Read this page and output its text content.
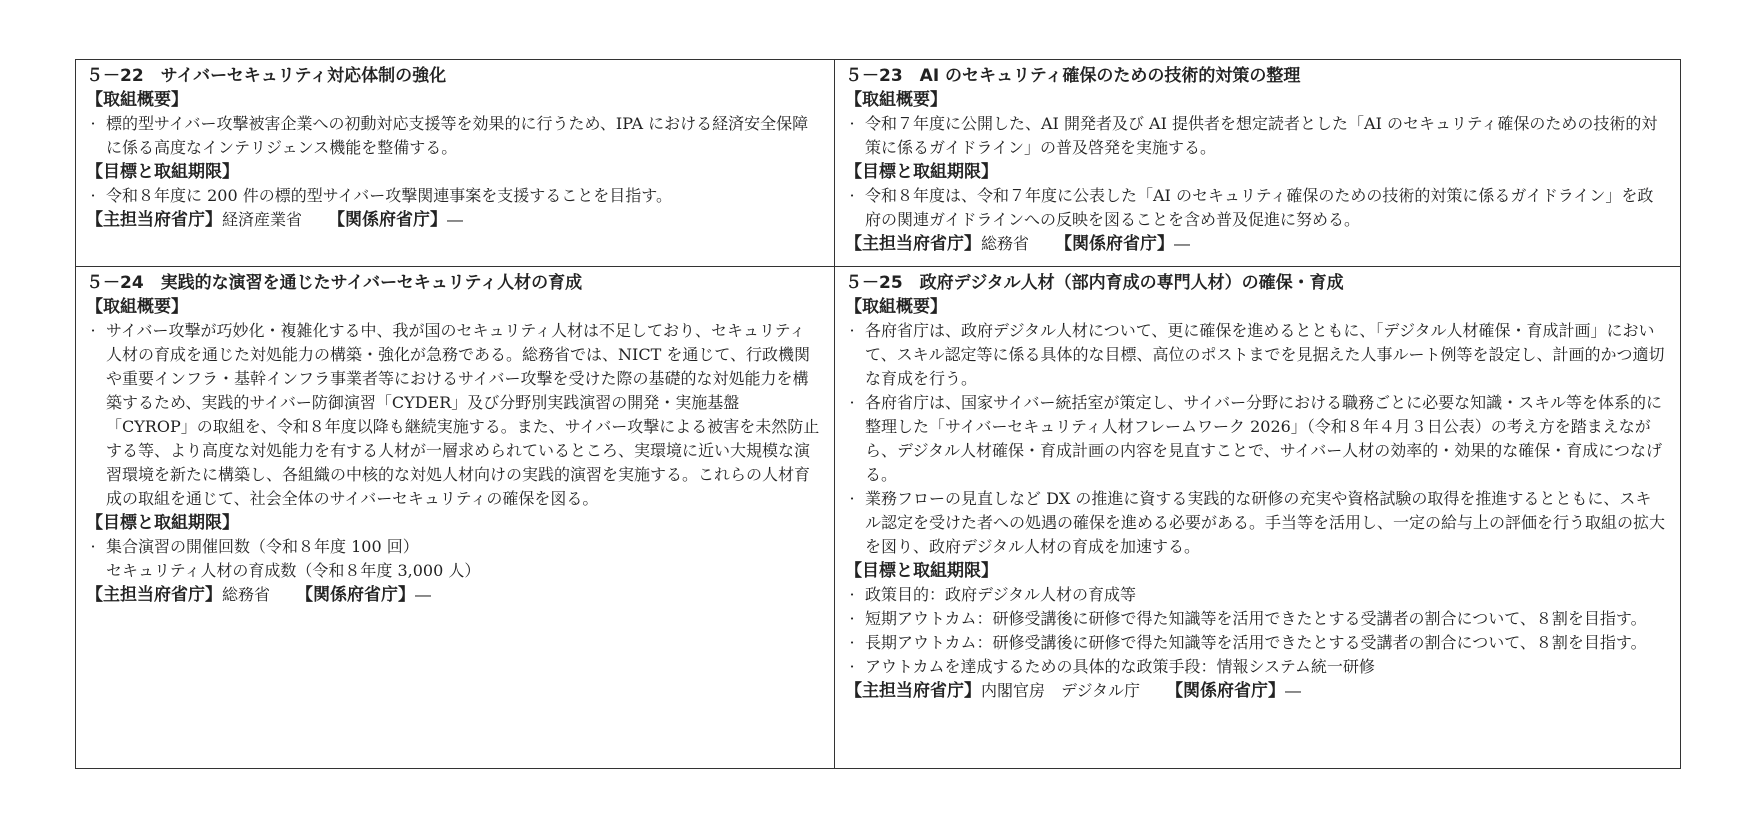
５－22　サイバーセキュリティ対応体制の強化
【取組概要】
· 標的型サイバー攻撃被害企業への初動対応支援等を効果的に行うため、IPA における経済安全保障に係る高度なインテリジェンス機能を整備する。
【目標と取組期限】
· 令和８年度に 200 件の標的型サイバー攻撃関連事案を支援することを目指す。
【主担当府省庁】経済産業省 【関係府省庁】―
５－23　AI のセキュリティ確保のための技術的対策の整理
【取組概要】
· 令和７年度に公開した、AI 開発者及び AI 提供者を想定読者とした「AI のセキュリティ確保のための技術的対策に係るガイドライン」の普及啓発を実施する。
【目標と取組期限】
· 令和８年度は、令和７年度に公表した「AI のセキュリティ確保のための技術的対策に係るガイドライン」を政府の関連ガイドラインへの反映を図ることを含め普及促進に努める。
【主担当府省庁】総務省 【関係府省庁】―
５－24　実践的な演習を通じたサイバーセキュリティ人材の育成
【取組概要】
· サイバー攻撃が巧妙化・複雑化する中、我が国のセキュリティ人材は不足しており、セキュリティ人材の育成を通じた対処能力の構築・強化が急務である。総務省では、NICT を通じて、行政機関や重要インフラ・基幹インフラ事業者等におけるサイバー攻撃を受けた際の基礎的な対処能力を構築するため、実践的サイバー防御演習「CYDER」及び分野別実践演習の開発・実施基盤「CYROP」の取組を、令和８年度以降も継続実施する。また、サイバー攻撃による被害を未然防止する等、より高度な対処能力を有する人材が一層求められているところ、実環境に近い大規模な演習環境を新たに構築し、各組織の中核的な対処人材向けの実践的演習を実施する。これらの人材育成の取組を通じて、社会全体のサイバーセキュリティの確保を図る。
【目標と取組期限】
· 集合演習の開催回数（令和８年度 100 回）
セキュリティ人材の育成数（令和８年度 3,000 人）
【主担当府省庁】総務省 【関係府省庁】―
５－25　政府デジタル人材（部内育成の専門人材）の確保・育成
【取組概要】
· 各府省庁は、政府デジタル人材について、更に確保を進めるとともに、「デジタル人材確保・育成計画」において、スキル認定等に係る具体的な目標、高位のポストまでを見据えた人事ルート例等を設定し、計画的かつ適切な育成を行う。
· 各府省庁は、国家サイバー統括室が策定し、サイバー分野における職務ごとに必要な知識・スキル等を体系的に整理した「サイバーセキュリティ人材フレームワーク 2026」（令和８年４月３日公表）の考え方を踏まえながら、デジタル人材確保・育成計画の内容を見直すことで、サイバー人材の効率的・効果的な確保・育成につなげる。
· 業務フローの見直しなど DX の推進に資する実践的な研修の充実や資格試験の取得を推進するとともに、スキル認定を受けた者への処遇の確保を進める必要がある。手当等を活用し、一定の給与上の評価を行う取組の拡大を図り、政府デジタル人材の育成を加速する。
【目標と取組期限】
· 政策目的：政府デジタル人材の育成等
· 短期アウトカム：研修受講後に研修で得た知識等を活用できたとする受講者の割合について、８割を目指す。
· 長期アウトカム：研修受講後に研修で得た知識等を活用できたとする受講者の割合について、８割を目指す。
· アウトカムを達成するための具体的な政策手段：情報システム統一研修
【主担当府省庁】内閣官房　デジタル庁 【関係府省庁】―
